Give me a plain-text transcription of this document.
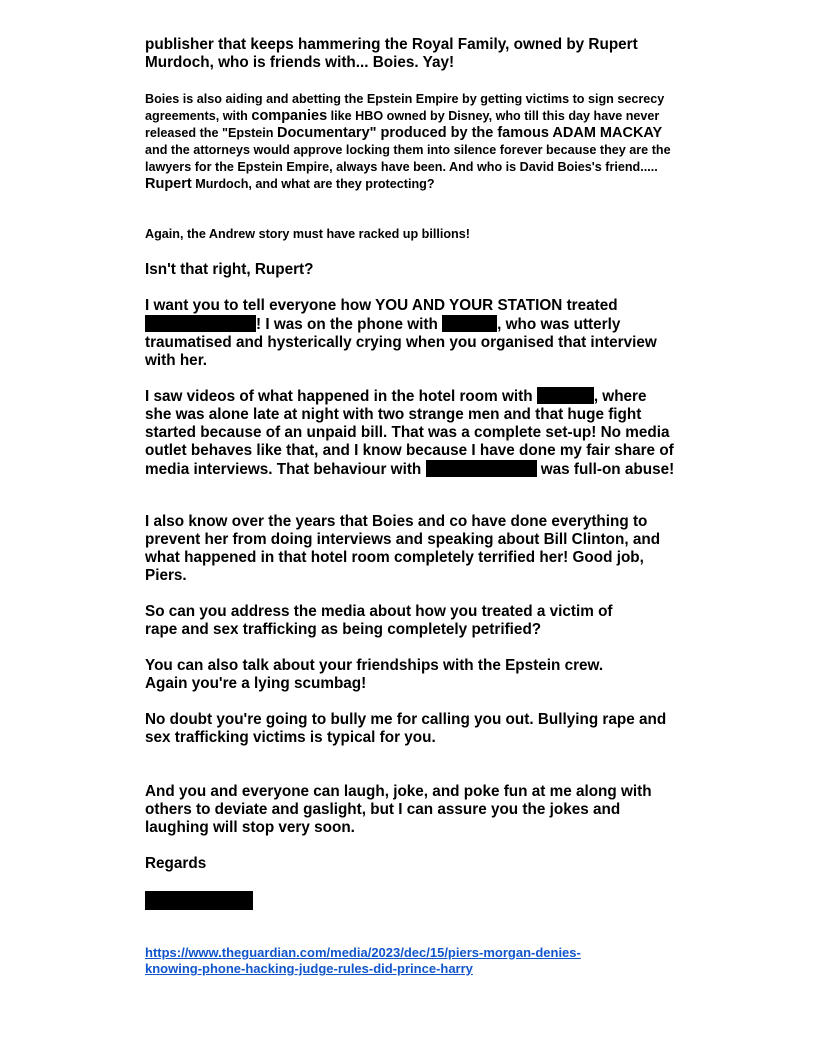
publisher that keeps hammering the Royal Family, owned by Rupert Murdoch, who is friends with... Boies. Yay!

Boies is also aiding and abetting the Epstein Empire by getting victims to sign secrecy agreements, with companies like HBO owned by Disney, who till this day have never released the "Epstein Documentary" produced by the famous ADAM MACKAY and the attorneys would approve locking them into silence forever because they are the lawyers for the Epstein Empire, always have been. And who is David Boies's friend..... Rupert Murdoch, and what are they protecting?

Again, the Andrew story must have racked up billions!

Isn't that right, Rupert?

I want you to tell everyone how YOU AND YOUR STATION treated ! I was on the phone with	, who was utterly traumatised and hysterically crying when you organised that interview with her.

I saw videos of what happened in the hotel room with	, where she was alone late at night with two strange men and that huge fight started because of an unpaid bill. That was a complete set-up! No media outlet behaves like that, and I know because I have done my fair share of media interviews. That behaviour with	was full-on abuse!

I also know over the years that Boies and co have done everything to prevent her from doing interviews and speaking about Bill Clinton, and what happened in that hotel room completely terrified her! Good job, Piers.

So can you address the media about how you treated a victim of rape and sex trafficking as being completely petrified?

You can also talk about your friendships with the Epstein crew. Again you're a lying scumbag!

No doubt you're going to bully me for calling you out. Bullying rape and sex trafficking victims is typical for you.

And you and everyone can laugh, joke, and poke fun at me along with others to deviate and gaslight, but I can assure you the jokes and laughing will stop very soon.

Regards

https://www.theguardian.com/media/2023/dec/15/piers-morgan-denies-knowing-phone-hacking-judge-rules-did-prince-harry
